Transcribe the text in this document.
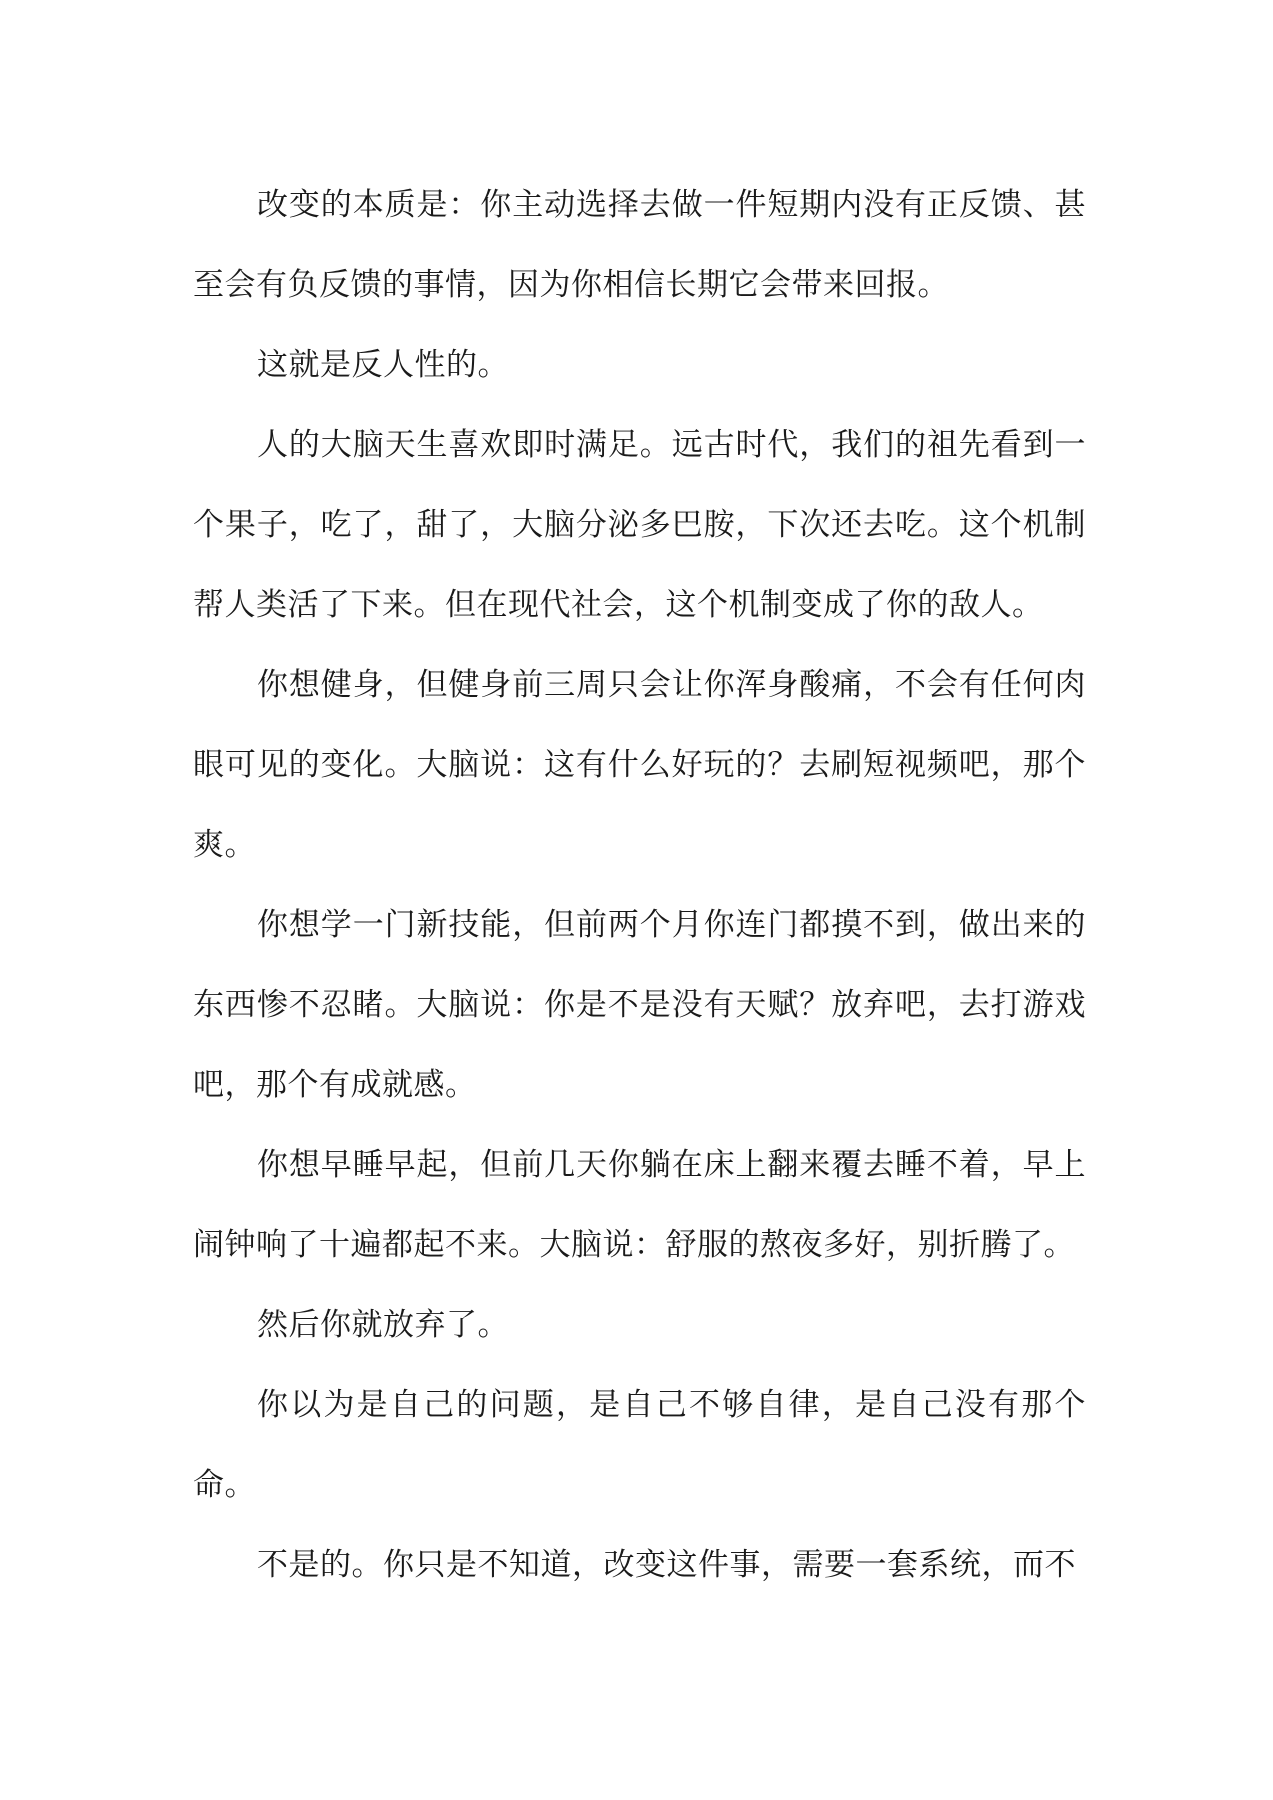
改变的本质是：你主动选择去做一件短期内没有正反馈、甚至会有负反馈的事情，因为你相信长期它会带来回报。

这就是反人性的。

人的大脑天生喜欢即时满足。远古时代，我们的祖先看到一个果子，吃了，甜了，大脑分泌多巴胺，下次还去吃。这个机制帮人类活了下来。但在现代社会，这个机制变成了你的敌人。

你想健身，但健身前三周只会让你浑身酸痛，不会有任何肉眼可见的变化。大脑说：这有什么好玩的？去刷短视频吧，那个爽。

你想学一门新技能，但前两个月你连门都摸不到，做出来的东西惨不忍睹。大脑说：你是不是没有天赋？放弃吧，去打游戏吧，那个有成就感。

你想早睡早起，但前几天你躺在床上翻来覆去睡不着，早上闹钟响了十遍都起不来。大脑说：舒服的熬夜多好，别折腾了。

然后你就放弃了。

你以为是自己的问题，是自己不够自律，是自己没有那个命。

不是的。你只是不知道，改变这件事，需要一套系统，而不
